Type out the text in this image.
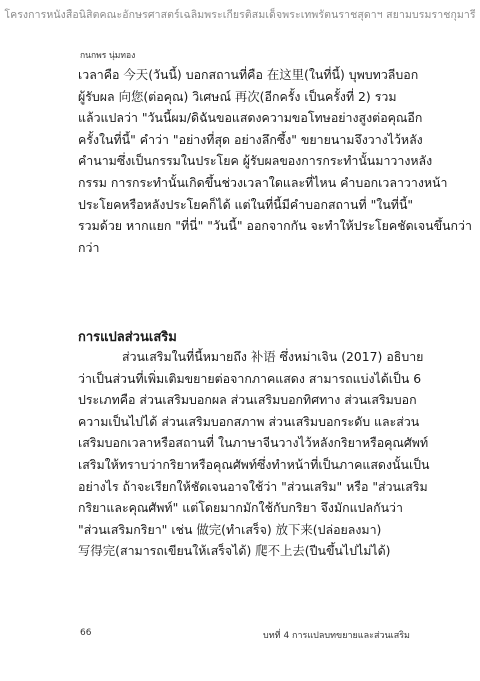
โครงการหนังสือนิสิตคณะอักษรศาสตร์เฉลิมพระเกียรติสมเด็จพระเทพรัตนราชสุดาฯ สยามบรมราชกุมารี
กนกพร นุ่มทอง
เวลาคือ 今天(วันนี้) บอกสถานที่คือ 在这里(ในที่นี้) บุพบทวลีบอก
ผู้รับผล 向您(ต่อคุณ) วิเศษณ์ 再次(อีกครั้ง เป็นครั้งที่ 2) รวม
แล้วแปลว่า "วันนี้ผม/ดิฉันขอแสดงความขอโทษอย่างสูงต่อคุณอีก
ครั้งในที่นี้" คำว่า "อย่างที่สุด อย่างลึกซึ้ง" ขยายนามจึงวางไว้หลัง
คำนามซึ่งเป็นกรรมในประโยค ผู้รับผลของการกระทำนั้นมาวางหลัง
กรรม การกระทำนั้นเกิดขึ้นช่วงเวลาใดและที่ไหน คำบอกเวลาวางหน้า
ประโยคหรือหลังประโยคก็ได้ แต่ในที่นี้มีคำบอกสถานที่ "ในที่นี้"
รวมด้วย หากแยก "ที่นี่" "วันนี้" ออกจากกัน จะทำให้ประโยคชัดเจนขึ้นกว่า
กว่า
การแปลส่วนเสริม
ส่วนเสริมในที่นี้หมายถึง 补语 ซึ่งหม่าเจิน (2017) อธิบาย
ว่าเป็นส่วนที่เพิ่มเติมขยายต่อจากภาคแสดง สามารถแบ่งได้เป็น 6
ประเภทคือ ส่วนเสริมบอกผล ส่วนเสริมบอกทิศทาง ส่วนเสริมบอก
ความเป็นไปได้ ส่วนเสริมบอกสภาพ ส่วนเสริมบอกระดับ และส่วน
เสริมบอกเวลาหรือสถานที่ ในภาษาจีนวางไว้หลังกริยาหรือคุณศัพท์
เสริมให้ทราบว่ากริยาหรือคุณศัพท์ซึ่งทำหน้าที่เป็นภาคแสดงนั้นเป็น
อย่างไร ถ้าจะเรียกให้ชัดเจนอาจใช้ว่า "ส่วนเสริม" หรือ "ส่วนเสริม
กริยาและคุณศัพท์" แต่โดยมากมักใช้กับกริยา จึงมักแปลกันว่า
"ส่วนเสริมกริยา" เช่น 做完(ทำเสร็จ) 放下来(ปล่อยลงมา)
写得完(สามารถเขียนให้เสร็จได้) 爬不上去(ปีนขึ้นไปไม่ได้)
66	บทที่ 4 การแปลบทขยายและส่วนเสริม
